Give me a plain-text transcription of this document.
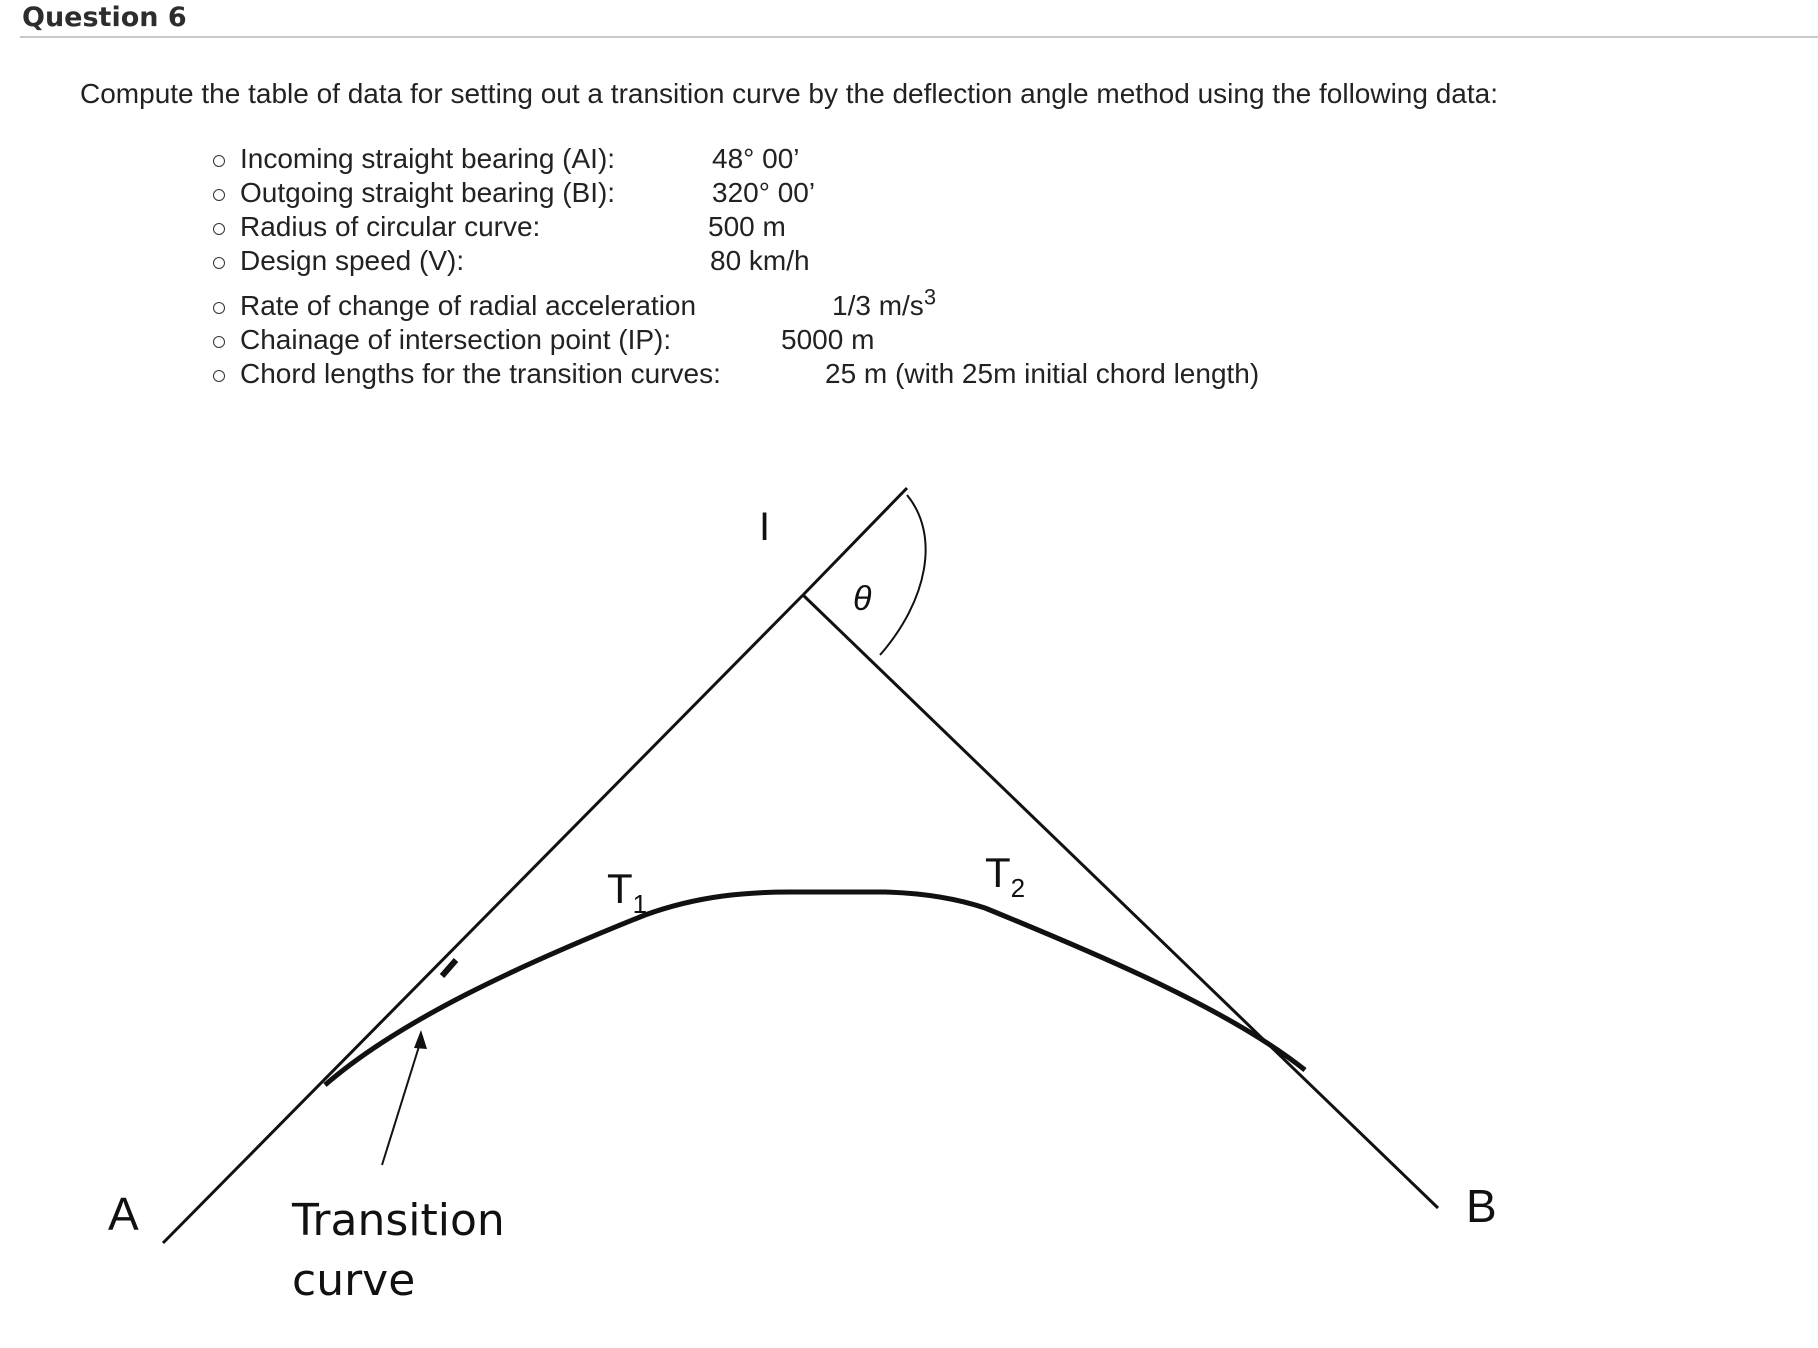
Question 6
Compute the table of data for setting out a transition curve by the deflection angle method using the following data:
Incoming straight bearing (AI):	48° 00’
Outgoing straight bearing (BI):	320° 00’
Radius of circular curve:	500 m
Design speed (V):	80 km/h
Rate of change of radial acceleration	1/3 $m/s^3$
Chainage of intersection point (IP):	5000 m
Chord lengths for the transition curves:	25 m (with 25m initial chord length)
I
θ
$T_1$
$T_2$
A	B
Transition
curve
